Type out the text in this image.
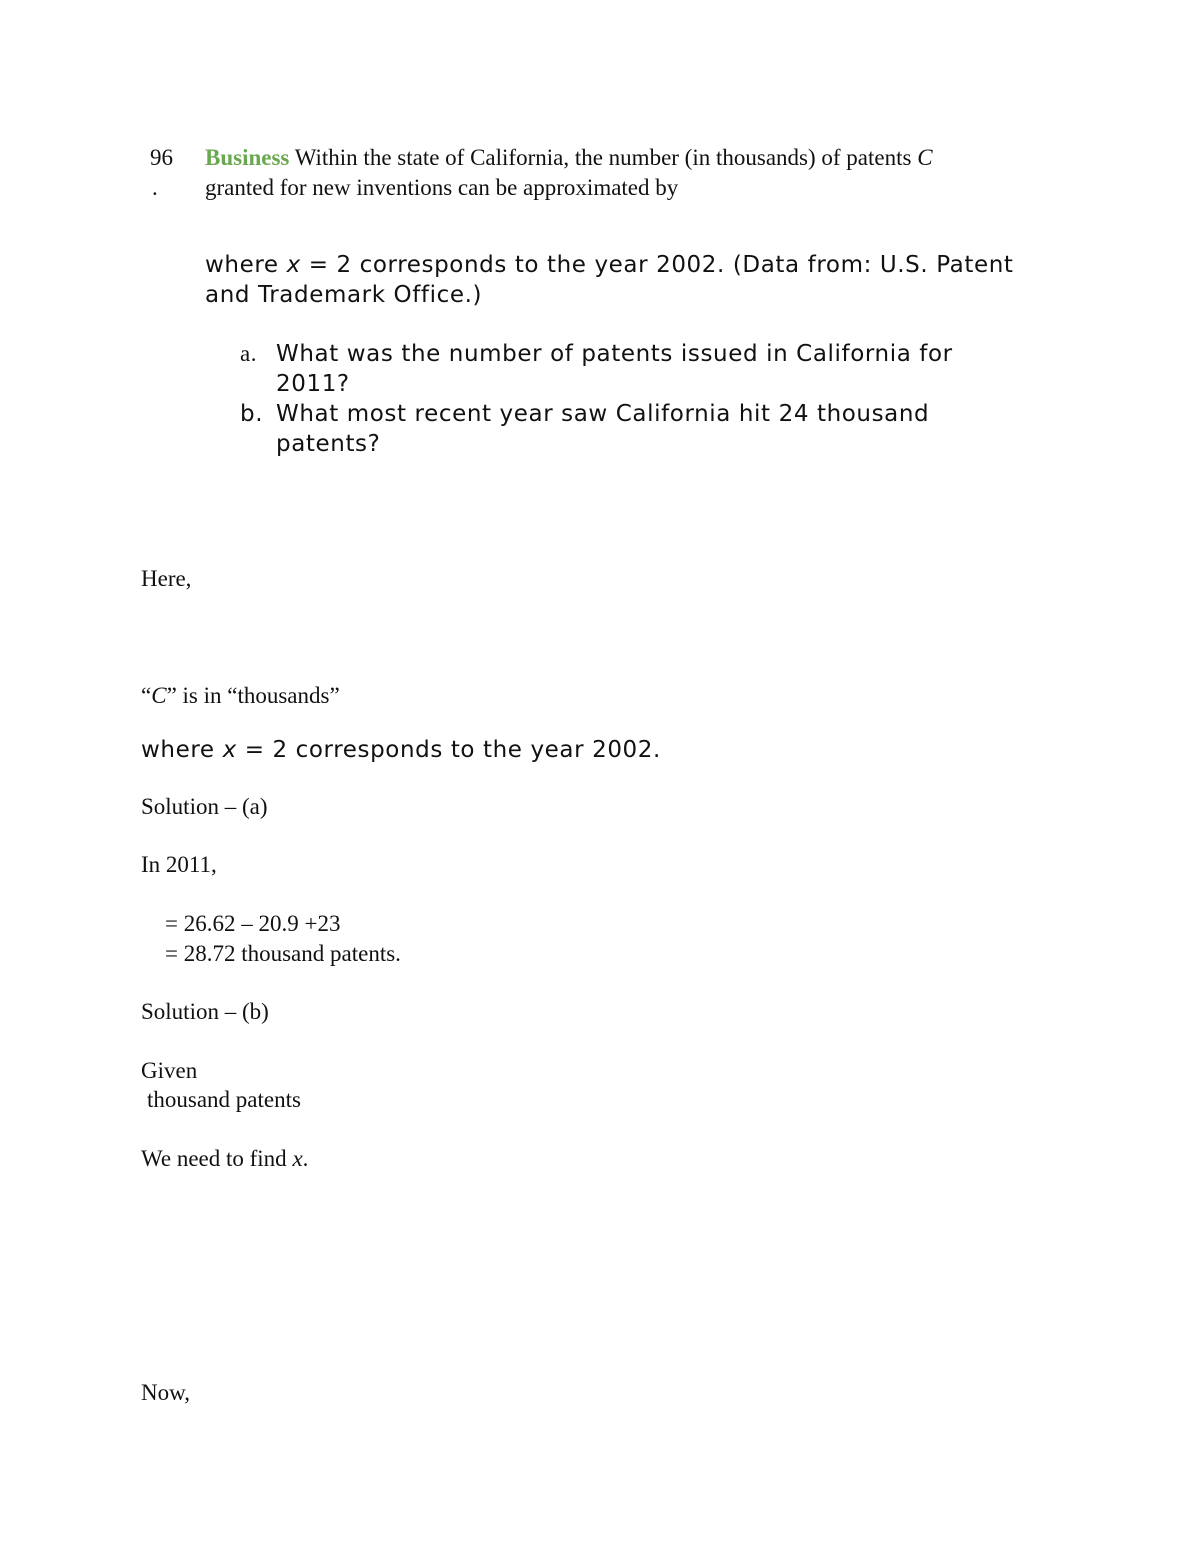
96
.
Business Within the state of California, the number (in thousands) of patents C
granted for new inventions can be approximated by
where x = 2 corresponds to the year 2002. (Data from: U.S. Patent and Trademark Office.)
a. What was the number of patents issued in California for 2011?
b. What most recent year saw California hit 24 thousand patents?
Here,
“C” is in “thousands”
where x = 2 corresponds to the year 2002.
Solution – (a)
In 2011,
= 26.62 – 20.9 +23
= 28.72 thousand patents.
Solution – (b)
Given
thousand patents
We need to find x.
Now,
